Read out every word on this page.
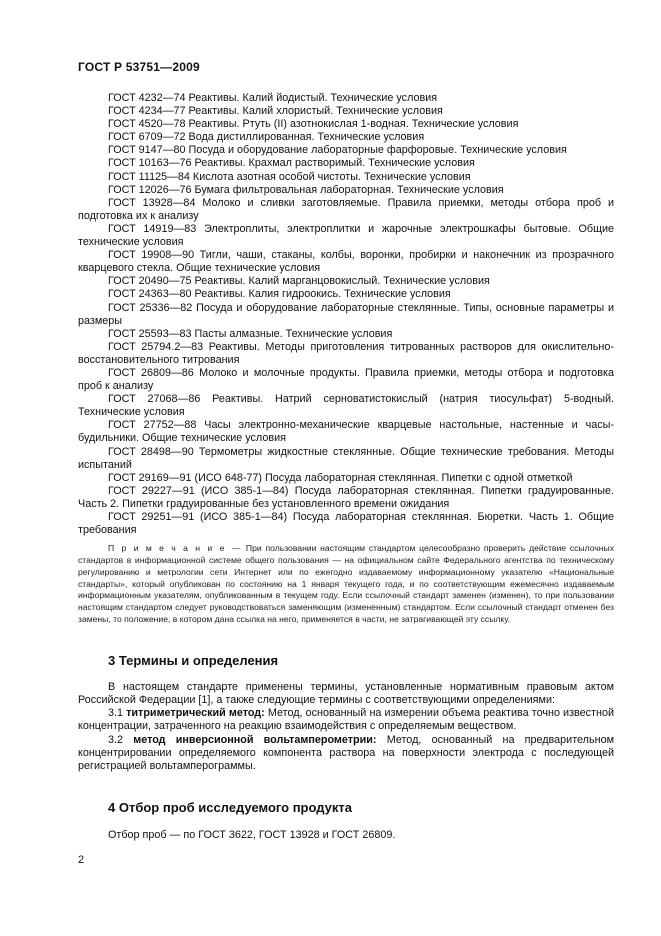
ГОСТ Р 53751—2009

ГОСТ 4232—74 Реактивы. Калий йодистый. Технические условия

ГОСТ 4234—77 Реактивы. Калий хлористый. Технические условия

ГОСТ 4520—78 Реактивы. Ртуть (II) азотнокислая 1-водная. Технические условия

ГОСТ 6709—72 Вода дистиллированная. Технические условия

ГОСТ 9147—80 Посуда и оборудование лабораторные фарфоровые. Технические условия

ГОСТ 10163—76 Реактивы. Крахмал растворимый. Технические условия

ГОСТ 11125—84 Кислота азотная особой чистоты. Технические условия

ГОСТ 12026—76 Бумага фильтровальная лабораторная. Технические условия

ГОСТ 13928—84 Молоко и сливки заготовляемые. Правила приемки, методы отбора проб и подготовка их к анализу

ГОСТ 14919—83 Электроплиты, электроплитки и жарочные электрошкафы бытовые. Общие технические условия

ГОСТ 19908—90 Тигли, чаши, стаканы, колбы, воронки, пробирки и наконечник из прозрачного кварцевого стекла. Общие технические условия

ГОСТ 20490—75 Реактивы. Калий марганцовокислый. Технические условия

ГОСТ 24363—80 Реактивы. Калия гидроокись. Технические условия

ГОСТ 25336—82 Посуда и оборудование лабораторные стеклянные. Типы, основные параметры и размеры

ГОСТ 25593—83 Пасты алмазные. Технические условия

ГОСТ 25794.2—83 Реактивы. Методы приготовления титрованных растворов для окислительно-восстановительного титрования

ГОСТ 26809—86 Молоко и молочные продукты. Правила приемки, методы отбора и подготовка проб к анализу

ГОСТ 27068—86 Реактивы. Натрий серноватистокислый (натрия тиосульфат) 5-водный. Технические условия

ГОСТ 27752—88 Часы электронно-механические кварцевые настольные, настенные и часы-будильники. Общие технические условия

ГОСТ 28498—90 Термометры жидкостные стеклянные. Общие технические требования. Методы испытаний

ГОСТ 29169—91 (ИСО 648-77) Посуда лабораторная стеклянная. Пипетки с одной отметкой

ГОСТ 29227—91 (ИСО 385-1—84) Посуда лабораторная стеклянная. Пипетки градуированные. Часть 2. Пипетки градуированные без установленного времени ожидания

ГОСТ 29251—91 (ИСО 385-1—84) Посуда лабораторная стеклянная. Бюретки. Часть 1. Общие требования

П р и м е ч а н и е — При пользовании настоящим стандартом целесообразно проверить действие ссылочных стандартов в информационной системе общего пользования — на официальном сайте Федерального агентства по техническому регулированию и метрологии сети Интернет или по ежегодно издаваемому информационному указателю «Национальные стандарты», который опубликован по состоянию на 1 января текущего года, и по соответствующим ежемесячно издаваемым информационным указателям, опубликованным в текущем году. Если ссылочный стандарт заменен (изменен), то при пользовании настоящим стандартом следует руководствоваться заменяющим (измененным) стандартом. Если ссылочный стандарт отменен без замены, то положение, в котором дана ссылка на него, применяется в части, не затрагивающей эту ссылку.

3 Термины и определения

В настоящем стандарте применены термины, установленные нормативным правовым актом Российской Федерации [1], а также следующие термины с соответствующими определениями:

3.1 титриметрический метод: Метод, основанный на измерении объема реактива точно известной концентрации, затраченного на реакцию взаимодействия с определяемым веществом.

3.2 метод инверсионной вольтамперометрии: Метод, основанный на предварительном концентрировании определяемого компонента раствора на поверхности электрода с последующей регистрацией вольтамперограммы.

4 Отбор проб исследуемого продукта

Отбор проб — по ГОСТ 3622, ГОСТ 13928 и ГОСТ 26809.

2
